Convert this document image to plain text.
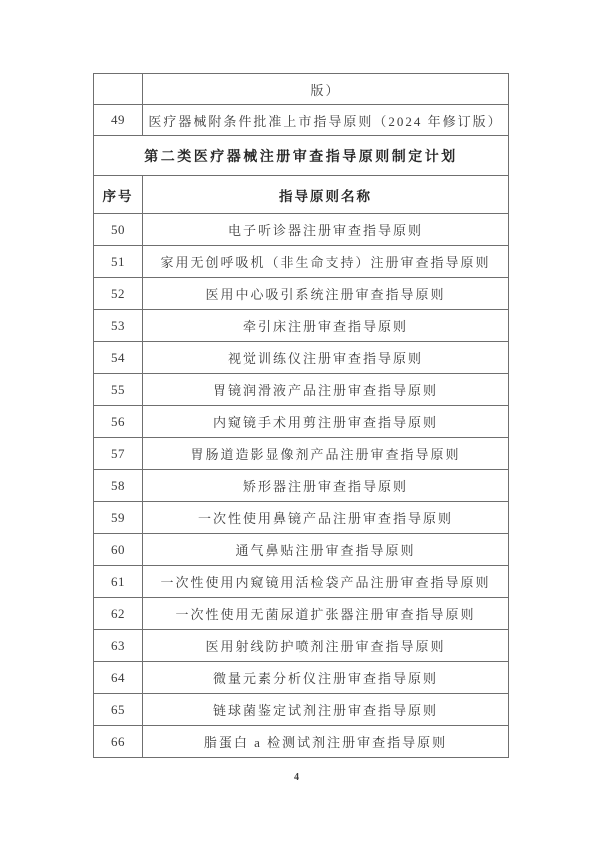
	版）
49	医疗器械附条件批准上市指导原则（2024 年修订版）
第二类医疗器械注册审查指导原则制定计划	
序号	指导原则名称
50	电子听诊器注册审查指导原则
51	家用无创呼吸机（非生命支持）注册审查指导原则
52	医用中心吸引系统注册审查指导原则
53	牵引床注册审查指导原则
54	视觉训练仪注册审查指导原则
55	胃镜润滑液产品注册审查指导原则
56	内窥镜手术用剪注册审查指导原则
57	胃肠道造影显像剂产品注册审查指导原则
58	矫形器注册审查指导原则
59	一次性使用鼻镜产品注册审查指导原则
60	通气鼻贴注册审查指导原则
61	一次性使用内窥镜用活检袋产品注册审查指导原则
62	一次性使用无菌尿道扩张器注册审查指导原则
63	医用射线防护喷剂注册审查指导原则
64	微量元素分析仪注册审查指导原则
65	链球菌鉴定试剂注册审查指导原则
66	脂蛋白 a 检测试剂注册审查指导原则
4
